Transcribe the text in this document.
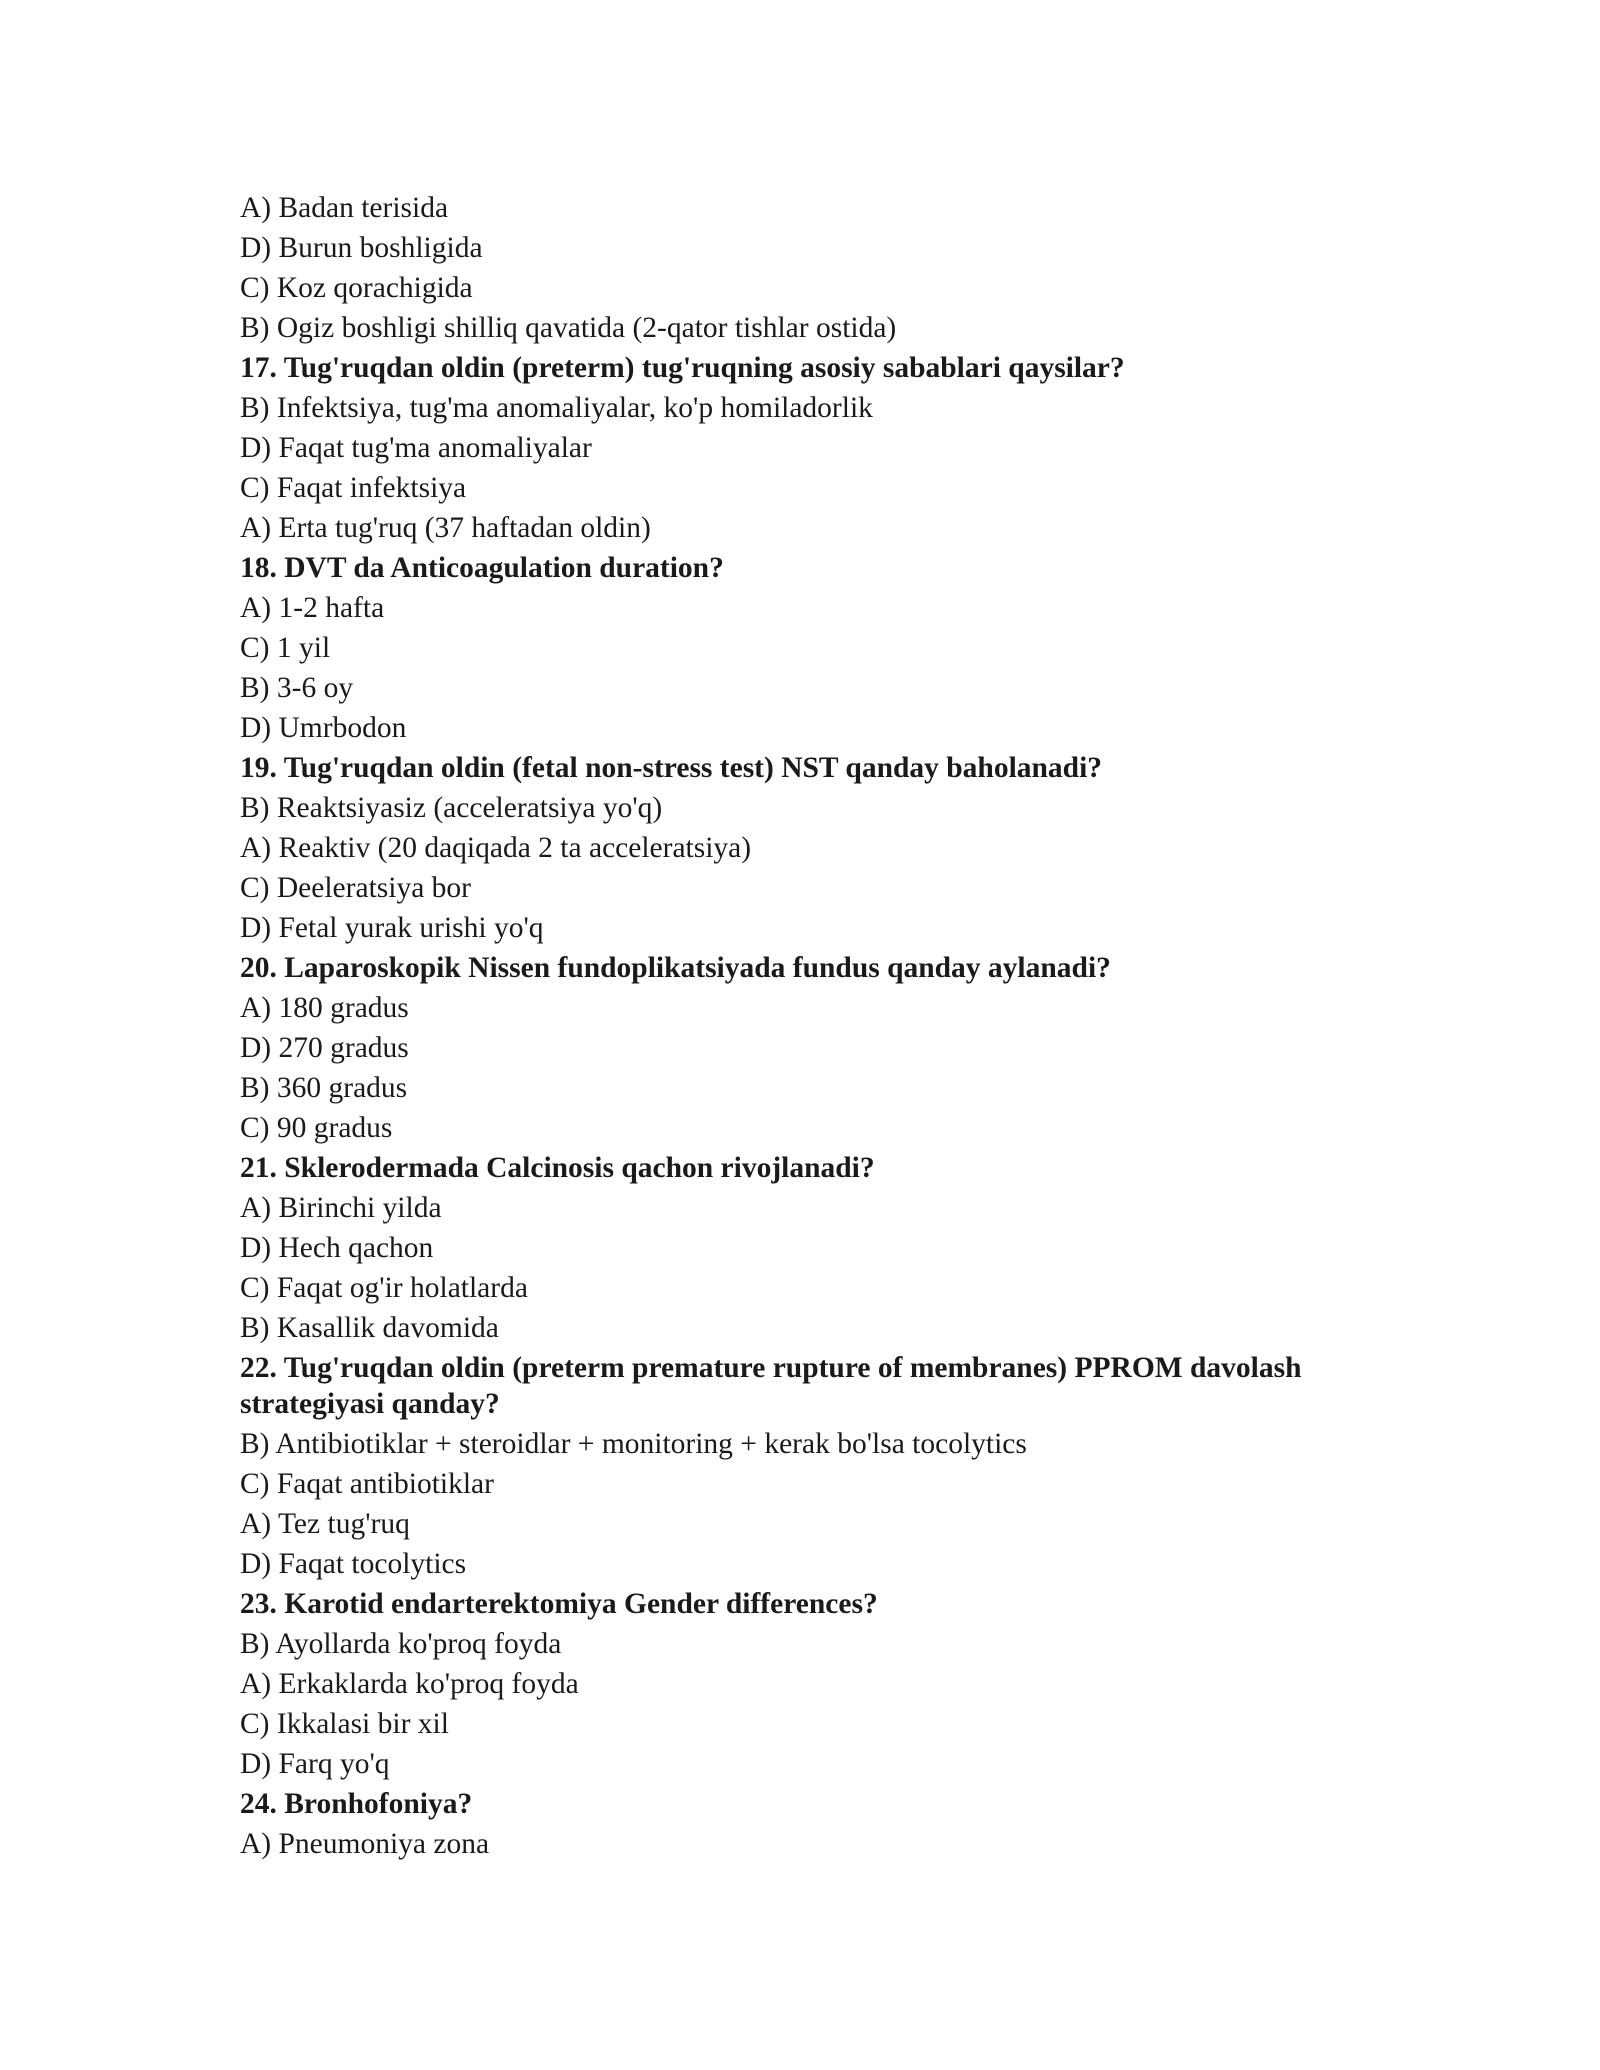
A) Badan terisida
D) Burun boshligida
C) Koz qorachigida
B) Ogiz boshligi shilliq qavatida (2-qator tishlar ostida)
17. Tug'ruqdan oldin (preterm) tug'ruqning asosiy sabablari qaysilar?
B) Infektsiya, tug'ma anomaliyalar, ko'p homiladorlik
D) Faqat tug'ma anomaliyalar
C) Faqat infektsiya
A) Erta tug'ruq (37 haftadan oldin)
18. DVT da Anticoagulation duration?
A) 1-2 hafta
C) 1 yil
B) 3-6 oy
D) Umrbodon
19. Tug'ruqdan oldin (fetal non-stress test) NST qanday baholanadi?
B) Reaktsiyasiz (acceleratsiya yo'q)
A) Reaktiv (20 daqiqada 2 ta acceleratsiya)
C) Deeleratsiya bor
D) Fetal yurak urishi yo'q
20. Laparoskopik Nissen fundoplikatsiyada fundus qanday aylanadi?
A) 180 gradus
D) 270 gradus
B) 360 gradus
C) 90 gradus
21. Sklerodermada Calcinosis qachon rivojlanadi?
A) Birinchi yilda
D) Hech qachon
C) Faqat og'ir holatlarda
B) Kasallik davomida
22. Tug'ruqdan oldin (preterm premature rupture of membranes) PPROM davolash strategiyasi qanday?
B) Antibiotiklar + steroidlar + monitoring + kerak bo'lsa tocolytics
C) Faqat antibiotiklar
A) Tez tug'ruq
D) Faqat tocolytics
23. Karotid endarterektomiya Gender differences?
B) Ayollarda ko'proq foyda
A) Erkaklarda ko'proq foyda
C) Ikkalasi bir xil
D) Farq yo'q
24. Bronhofoniya?
A) Pneumoniya zona
